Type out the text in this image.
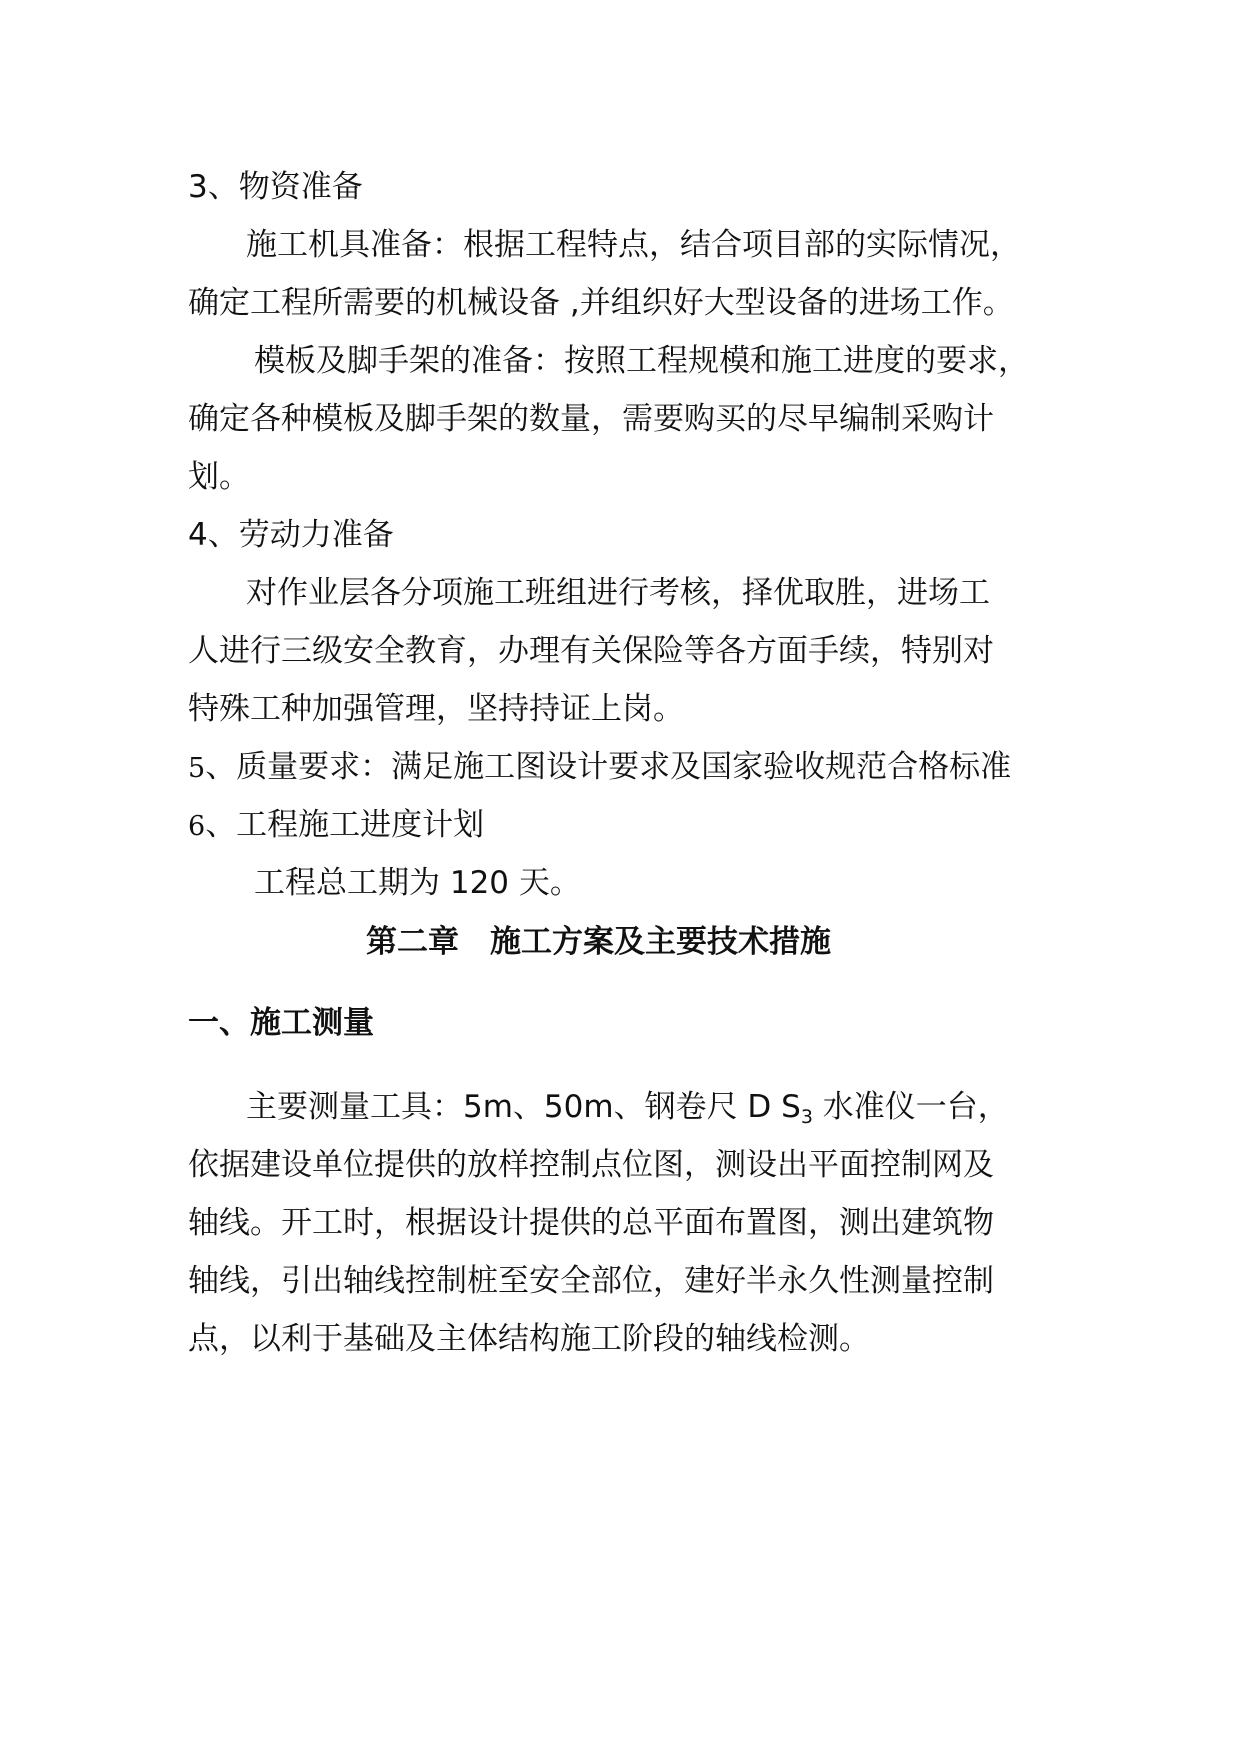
3、物资准备
施工机具准备：根据工程特点，结合项目部的实际情况，
确定工程所需要的机械设备 ,并组织好大型设备的进场工作。
模板及脚手架的准备：按照工程规模和施工进度的要求，
确定各种模板及脚手架的数量，需要购买的尽早编制采购计
划。
4、劳动力准备
对作业层各分项施工班组进行考核，择优取胜，进场工
人进行三级安全教育，办理有关保险等各方面手续，特别对
特殊工种加强管理，坚持持证上岗。
5、质量要求：满足施工图设计要求及国家验收规范合格标准
6、工程施工进度计划
工程总工期为 120 天。
第二章　施工方案及主要技术措施
一、施工测量
主要测量工具：5m、50m、钢卷尺 D $S_3$ 水准仪一台，
依据建设单位提供的放样控制点位图，测设出平面控制网及
轴线。开工时，根据设计提供的总平面布置图，测出建筑物
轴线，引出轴线控制桩至安全部位，建好半永久性测量控制
点，以利于基础及主体结构施工阶段的轴线检测。
